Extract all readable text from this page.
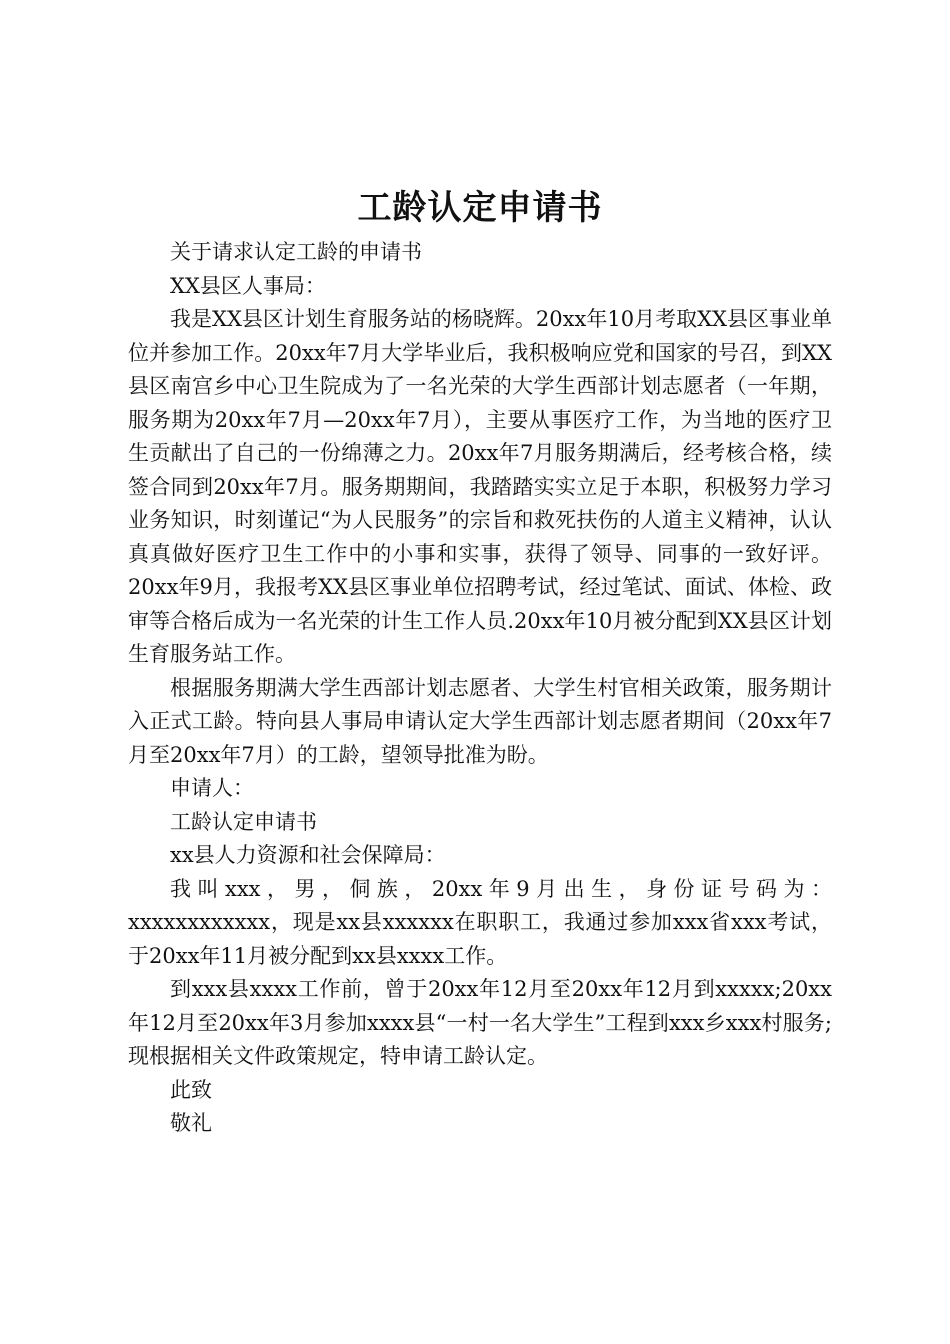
工龄认定申请书

关于请求认定工龄的申请书

XX县区人事局：

我是XX县区计划生育服务站的杨晓辉。20xx年10月考取XX县区事业单位并参加工作。20xx年7月大学毕业后，我积极响应党和国家的号召，到XX县区南宫乡中心卫生院成为了一名光荣的大学生西部计划志愿者（一年期，服务期为20xx年7月—20xx年7月），主要从事医疗工作，为当地的医疗卫生贡献出了自己的一份绵薄之力。20xx年7月服务期满后，经考核合格，续签合同到20xx年7月。服务期期间，我踏踏实实立足于本职，积极努力学习业务知识，时刻谨记“为人民服务”的宗旨和救死扶伤的人道主义精神，认认真真做好医疗卫生工作中的小事和实事，获得了领导、同事的一致好评。20xx年9月，我报考XX县区事业单位招聘考试，经过笔试、面试、体检、政审等合格后成为一名光荣的计生工作人员.20xx年10月被分配到XX县区计划生育服务站工作。

根据服务期满大学生西部计划志愿者、大学生村官相关政策，服务期计入正式工龄。特向县人事局申请认定大学生西部计划志愿者期间（20xx年7月至20xx年7月）的工龄，望领导批准为盼。

申请人：

工龄认定申请书

xx县人力资源和社会保障局：

我叫xxx，男，侗族，20xx年9月出生，身份证号码为：xxxxxxxxxxxx，现是xx县xxxxxx在职职工，我通过参加xxx省xxx考试，于20xx年11月被分配到xx县xxxx工作。

到xxx县xxxx工作前，曾于20xx年12月至20xx年12月到xxxxx;20xx年12月至20xx年3月参加xxxx县“一村一名大学生”工程到xxx乡xxx村服务;现根据相关文件政策规定，特申请工龄认定。

此致

敬礼
